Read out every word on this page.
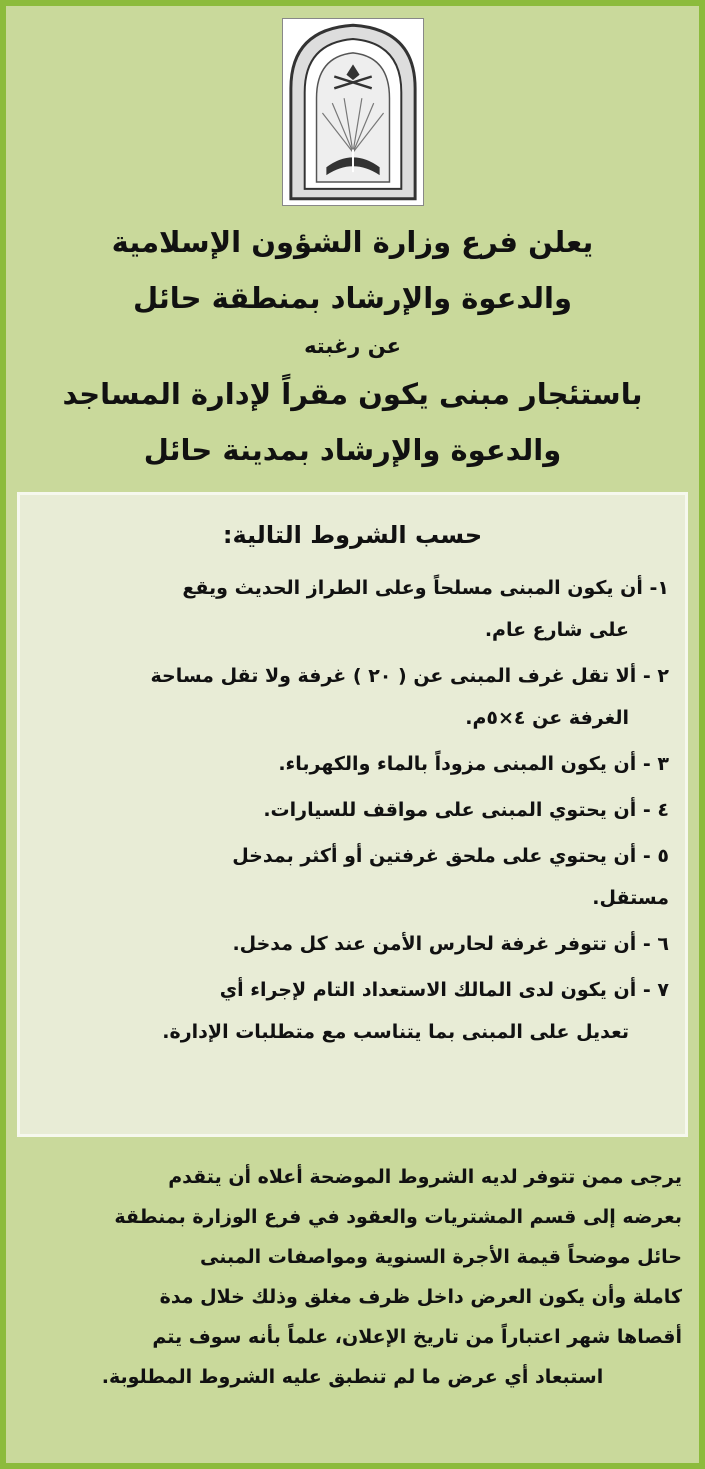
يعلن فرع وزارة الشؤون الإسلامية
والدعوة والإرشاد بمنطقة حائل
عن رغبته
باستئجار مبنى يكون مقراً لإدارة المساجد
والدعوة والإرشاد بمدينة حائل
حسب الشروط التالية:
١- أن يكون المبنى مسلحاً وعلى الطراز الحديث ويقع
على شارع عام.
٢ - ألا تقل غرف المبنى عن ( ٢٠ ) غرفة ولا تقل مساحة
الغرفة عن ٤×٥م.
٣ - أن يكون المبنى مزوداً بالماء والكهرباء.
٤ - أن يحتوي المبنى على مواقف للسيارات.
٥ - أن يحتوي على ملحق غرفتين أو أكثر بمدخل
مستقل.
٦ - أن تتوفر غرفة لحارس الأمن عند كل مدخل.
٧ - أن يكون لدى المالك الاستعداد التام لإجراء أي
تعديل على المبنى بما يتناسب مع متطلبات الإدارة.
يرجى ممن تتوفر لديه الشروط الموضحة أعلاه أن يتقدم
بعرضه إلى قسم المشتريات والعقود في فرع الوزارة بمنطقة
حائل موضحاً قيمة الأجرة السنوية ومواصفات المبنى
كاملة وأن يكون العرض داخل ظرف مغلق وذلك خلال مدة
أقصاها شهر اعتباراً من تاريخ الإعلان، علماً بأنه سوف يتم
استبعاد أي عرض ما لم تنطبق عليه الشروط المطلوبة.
